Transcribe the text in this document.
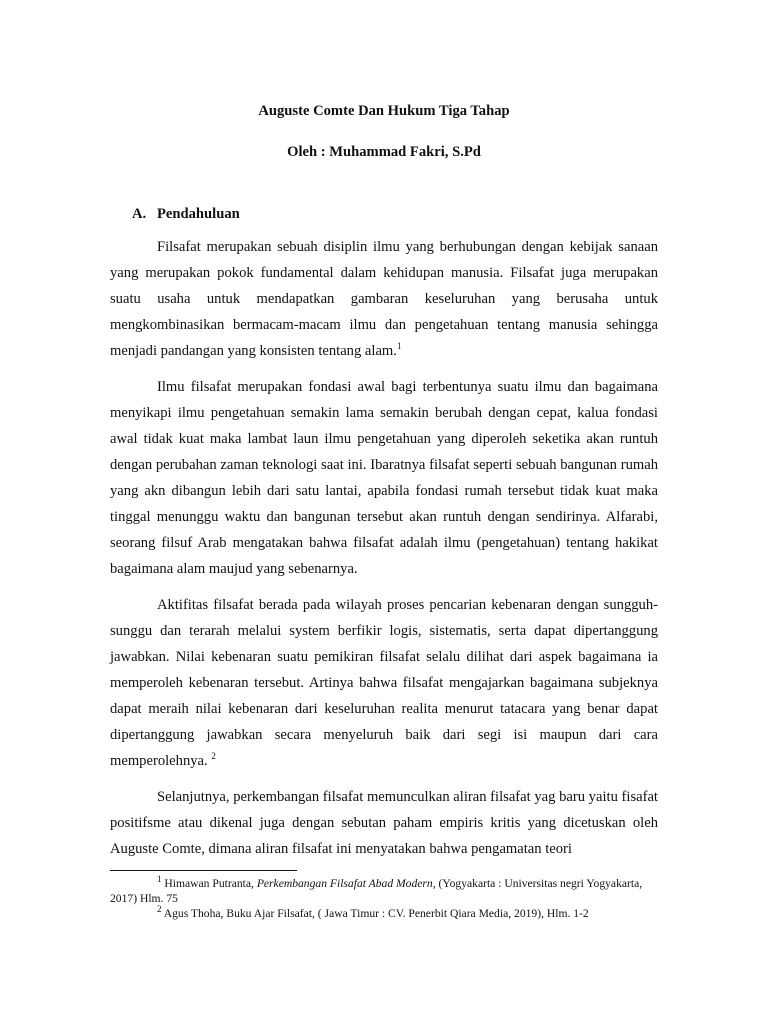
Auguste Comte Dan Hukum Tiga Tahap
Oleh : Muhammad Fakri, S.Pd
A. Pendahuluan

Filsafat merupakan sebuah disiplin ilmu yang berhubungan dengan kebijak sanaan yang merupakan pokok fundamental dalam kehidupan manusia. Filsafat juga merupakan suatu usaha untuk mendapatkan gambaran keseluruhan yang berusaha untuk mengkombinasikan bermacam-macam ilmu dan pengetahuan tentang manusia sehingga menjadi pandangan yang konsisten tentang alam.$^1$

Ilmu filsafat merupakan fondasi awal bagi terbentunya suatu ilmu dan bagaimana menyikapi ilmu pengetahuan semakin lama semakin berubah dengan cepat, kalua fondasi awal tidak kuat maka lambat laun ilmu pengetahuan yang diperoleh seketika akan runtuh dengan perubahan zaman teknologi saat ini. Ibaratnya filsafat seperti sebuah bangunan rumah yang akn dibangun lebih dari satu lantai, apabila fondasi rumah tersebut tidak kuat maka tinggal menunggu waktu dan bangunan tersebut akan runtuh dengan sendirinya. Alfarabi, seorang filsuf Arab mengatakan bahwa filsafat adalah ilmu (pengetahuan) tentang hakikat bagaimana alam maujud yang sebenarnya.

Aktifitas filsafat berada pada wilayah proses pencarian kebenaran dengan sungguh-sunggu dan terarah melalui system berfikir logis, sistematis, serta dapat dipertanggung jawabkan. Nilai kebenaran suatu pemikiran filsafat selalu dilihat dari aspek bagaimana ia memperoleh kebenaran tersebut. Artinya bahwa filsafat mengajarkan bagaimana subjeknya dapat meraih nilai kebenaran dari keseluruhan realita menurut tatacara yang benar dapat dipertanggung jawabkan secara menyeluruh baik dari segi isi maupun dari cara memperolehnya. $^2$

Selanjutnya, perkembangan filsafat memunculkan aliran filsafat yag baru yaitu fisafat positifsme atau dikenal juga dengan sebutan paham empiris kritis yang dicetuskan oleh Auguste Comte, dimana aliran filsafat ini menyatakan bahwa pengamatan teori

$^1$ Himawan Putranta, Perkembangan Filsafat Abad Modern, (Yogyakarta : Universitas negri Yogyakarta, 2017) Hlm. 75

$^2$ Agus Thoha, Buku Ajar Filsafat, ( Jawa Timur : CV. Penerbit Qiara Media, 2019), Hlm. 1-2
